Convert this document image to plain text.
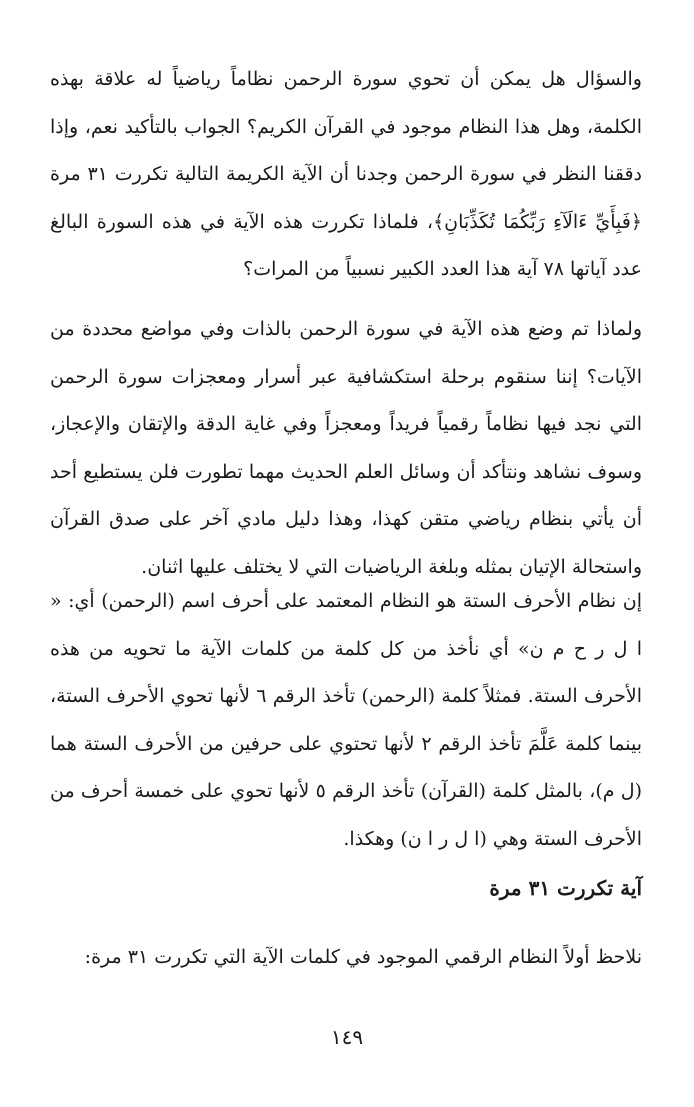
والسؤال هل يمكن أن تحوي سورة الرحمن نظاماً رياضياً له علاقة بهذه الكلمة، وهل هذا النظام موجود في القرآن الكريم؟ الجواب بالتأكيد نعم، وإذا دققنا النظر في سورة الرحمن وجدنا أن الآية الكريمة التالية تكررت ٣١ مرة ﴿فَبِأَيِّ ءَالَآءِ رَبِّكُمَا تُكَذِّبَانِ﴾، فلماذا تكررت هذه الآية في هذه السورة البالغ عدد آياتها ٧٨ آية هذا العدد الكبير نسبياً من المرات؟

ولماذا تم وضع هذه الآية في سورة الرحمن بالذات وفي مواضع محددة من الآيات؟ إننا سنقوم برحلة استكشافية عبر أسرار ومعجزات سورة الرحمن التي نجد فيها نظاماً رقمياً فريداً ومعجزاً وفي غاية الدقة والإتقان والإعجاز، وسوف نشاهد ونتأكد أن وسائل العلم الحديث مهما تطورت فلن يستطيع أحد أن يأتي بنظام رياضي متقن كهذا، وهذا دليل مادي آخر على صدق القرآن واستحالة الإتيان بمثله وبلغة الرياضيات التي لا يختلف عليها اثنان.

إن نظام الأحرف الستة هو النظام المعتمد على أحرف اسم (الرحمن) أي: « ا ل ر ح م ن» أي نأخذ من كل كلمة من كلمات الآية ما تحويه من هذه الأحرف الستة. فمثلاً كلمة (الرحمن) تأخذ الرقم ٦ لأنها تحوي الأحرف الستة، بينما كلمة عَلَّمَ تأخذ الرقم ٢ لأنها تحتوي على حرفين من الأحرف الستة هما (ل م)، بالمثل كلمة (القرآن) تأخذ الرقم ٥ لأنها تحوي على خمسة أحرف من الأحرف الستة وهي (ا ل ر ا ن) وهكذا.

آية تكررت ٣١ مرة

نلاحظ أولاً النظام الرقمي الموجود في كلمات الآية التي تكررت ٣١ مرة:

١٤٩
